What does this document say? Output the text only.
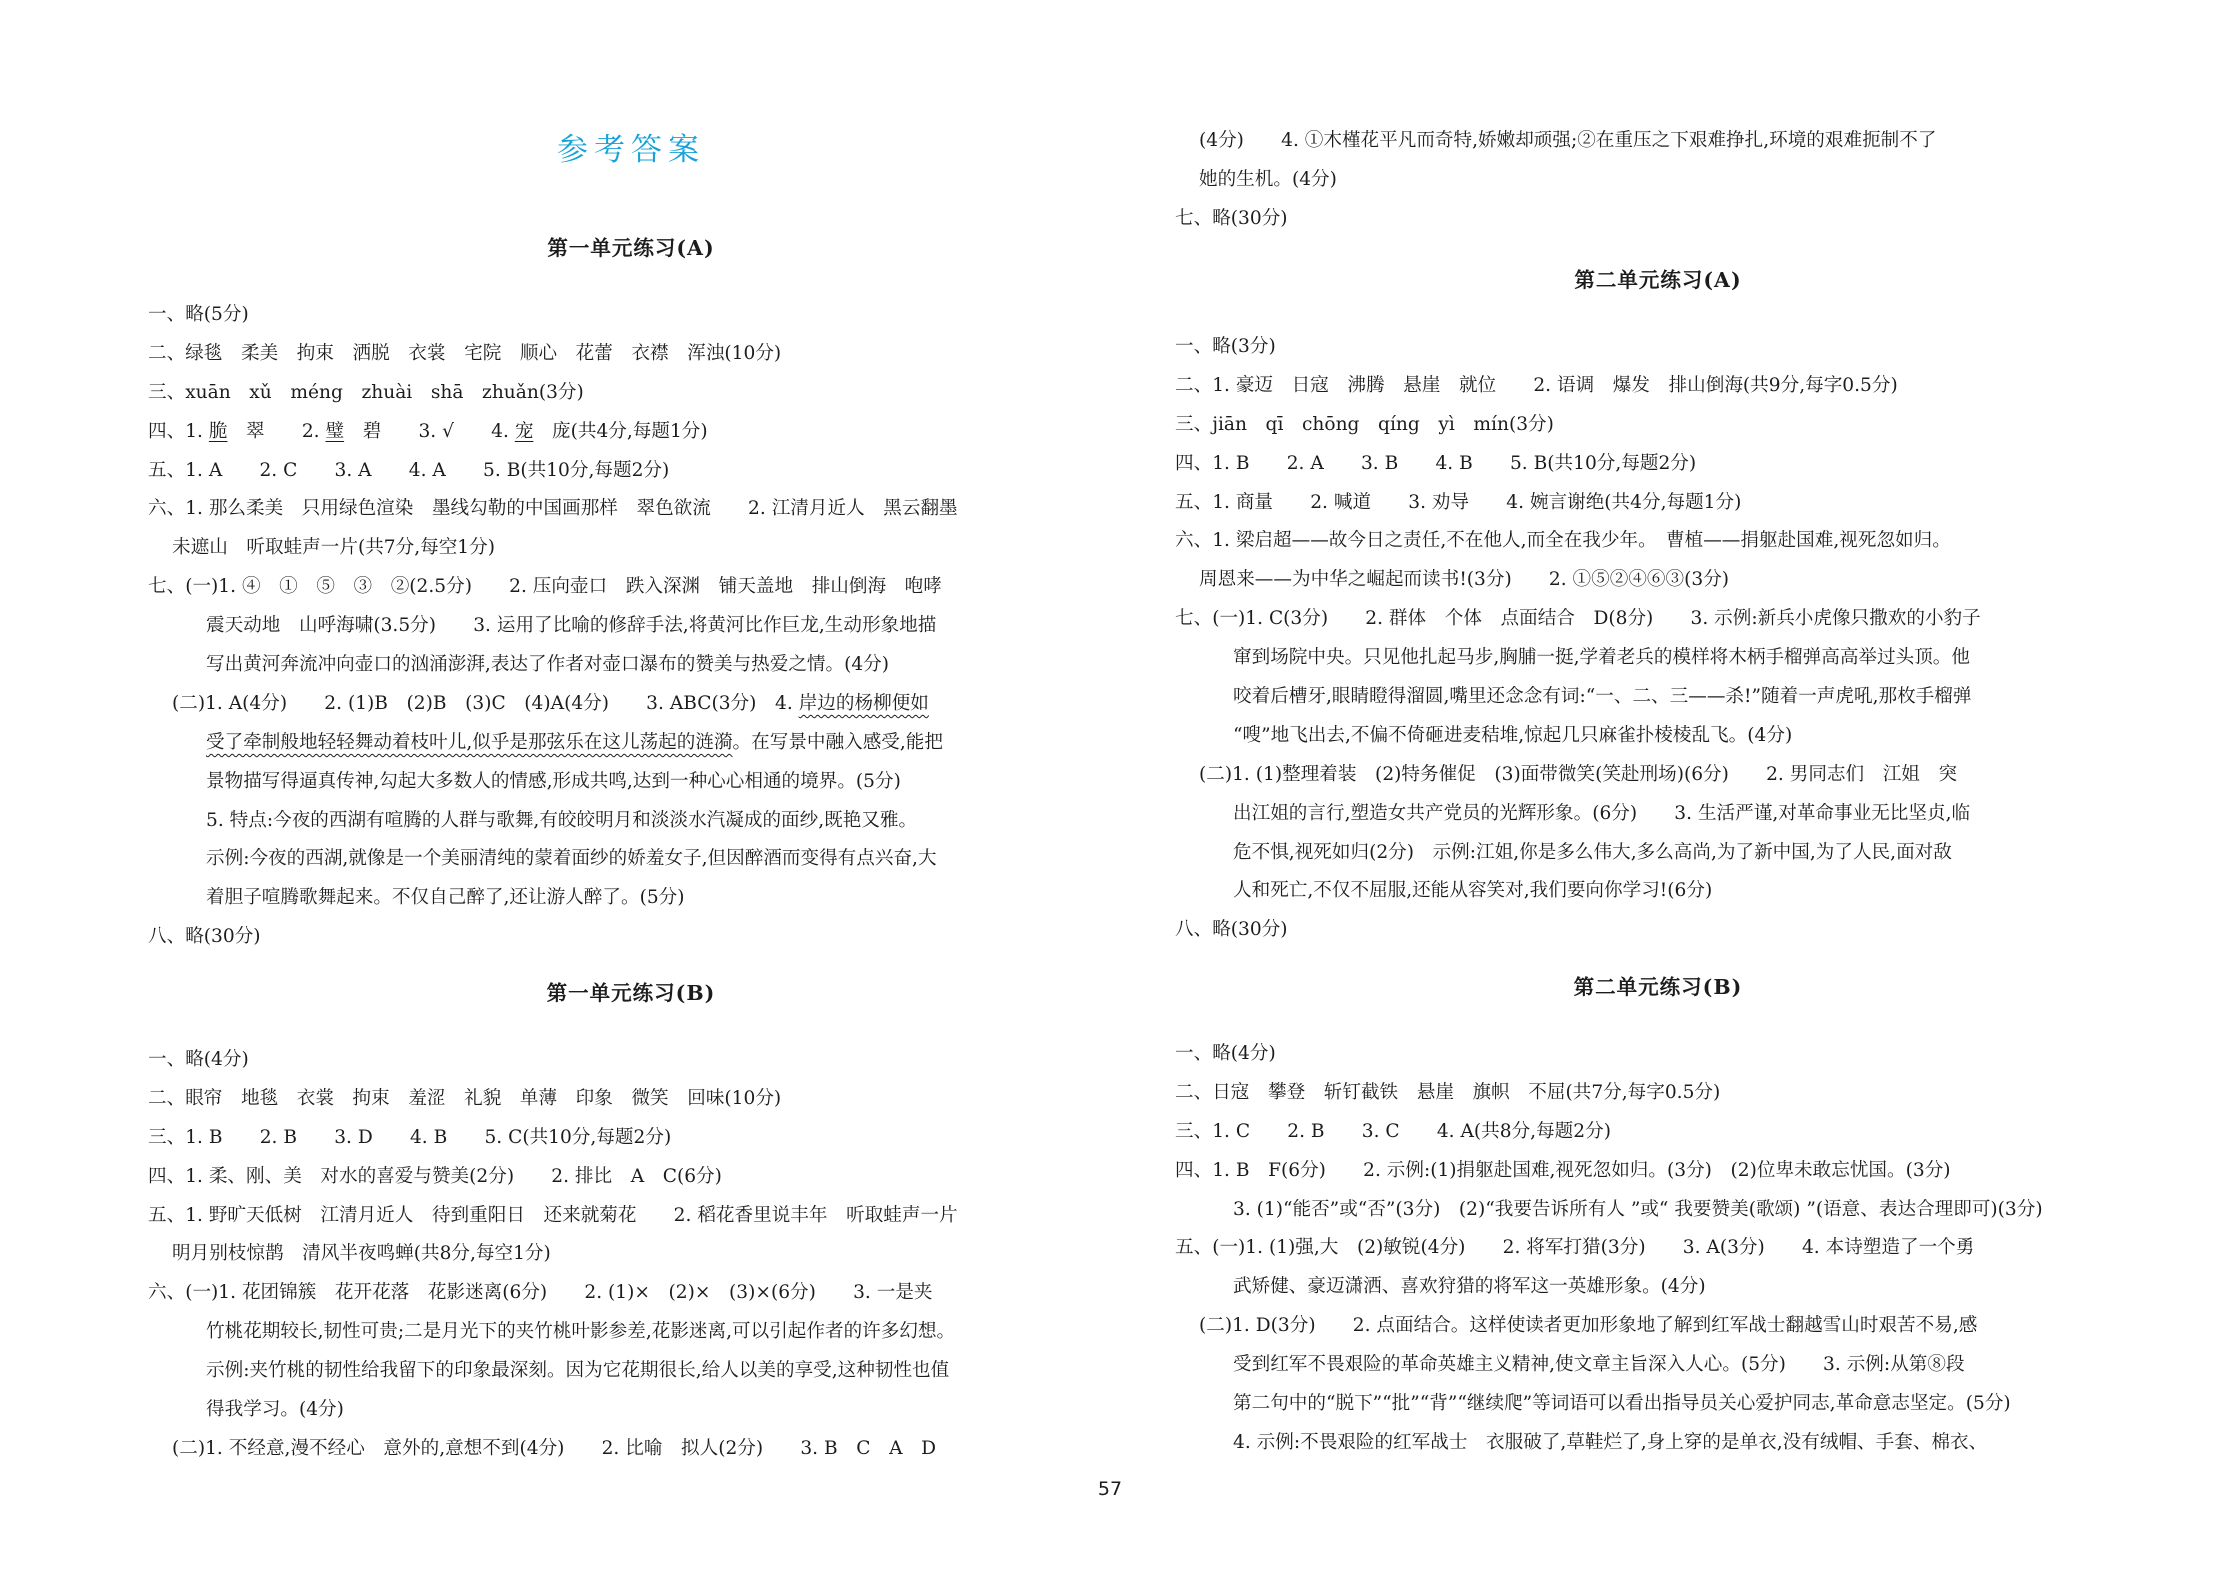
参考答案
第一单元练习(A)
一、略(5分)
二、绿毯　柔美　拘束　洒脱　衣裳　宅院　顺心　花蕾　衣襟　浑浊(10分)
三、xuān　xǔ　méng　zhuài　shā　zhuǎn(3分)
四、1. 脆　翠　　2. 璧　碧　　3. √　　4. 宠　庞(共4分,每题1分)
五、1. A　　2. C　　3. A　　4. A　　5. B(共10分,每题2分)
六、1. 那么柔美　只用绿色渲染　墨线勾勒的中国画那样　翠色欲流　　2. 江清月近人　黑云翻墨
未遮山　听取蛙声一片(共7分,每空1分)
七、(一)1. ④　①　⑤　③　②(2.5分)　　2. 压向壶口　跌入深渊　铺天盖地　排山倒海　咆哮
震天动地　山呼海啸(3.5分)　　3. 运用了比喻的修辞手法,将黄河比作巨龙,生动形象地描
写出黄河奔流冲向壶口的汹涌澎湃,表达了作者对壶口瀑布的赞美与热爱之情。(4分)
(二)1. A(4分)　　2. (1)B　(2)B　(3)C　(4)A(4分)　　3. ABC(3分)　4. 岸边的杨柳便如
受了牵制般地轻轻舞动着枝叶儿,似乎是那弦乐在这儿荡起的涟漪。在写景中融入感受,能把
景物描写得逼真传神,勾起大多数人的情感,形成共鸣,达到一种心心相通的境界。(5分)
5. 特点:今夜的西湖有喧腾的人群与歌舞,有皎皎明月和淡淡水汽凝成的面纱,既艳又雅。
示例:今夜的西湖,就像是一个美丽清纯的蒙着面纱的娇羞女子,但因醉酒而变得有点兴奋,大
着胆子喧腾歌舞起来。不仅自己醉了,还让游人醉了。(5分)
八、略(30分)
第一单元练习(B)
一、略(4分)
二、眼帘　地毯　衣裳　拘束　羞涩　礼貌　单薄　印象　微笑　回味(10分)
三、1. B　　2. B　　3. D　　4. B　　5. C(共10分,每题2分)
四、1. 柔、刚、美　对水的喜爱与赞美(2分)　　2. 排比　A　C(6分)
五、1. 野旷天低树　江清月近人　待到重阳日　还来就菊花　　2. 稻花香里说丰年　听取蛙声一片
明月别枝惊鹊　清风半夜鸣蝉(共8分,每空1分)
六、(一)1. 花团锦簇　花开花落　花影迷离(6分)　　2. (1)×　(2)×　(3)×(6分)　　3. 一是夹
竹桃花期较长,韧性可贵;二是月光下的夹竹桃叶影参差,花影迷离,可以引起作者的许多幻想。
示例:夹竹桃的韧性给我留下的印象最深刻。因为它花期很长,给人以美的享受,这种韧性也值
得我学习。(4分)
(二)1. 不经意,漫不经心　意外的,意想不到(4分)　　2. 比喻　拟人(2分)　　3. B　C　A　D
(4分)　　4. ①木槿花平凡而奇特,娇嫩却顽强;②在重压之下艰难挣扎,环境的艰难扼制不了
她的生机。(4分)
七、略(30分)
第二单元练习(A)
一、略(3分)
二、1. 豪迈　日寇　沸腾　悬崖　就位　　2. 语调　爆发　排山倒海(共9分,每字0.5分)
三、jiān　qī　chōng　qíng　yì　mín(3分)
四、1. B　　2. A　　3. B　　4. B　　5. B(共10分,每题2分)
五、1. 商量　　2. 喊道　　3. 劝导　　4. 婉言谢绝(共4分,每题1分)
六、1. 梁启超——故今日之责任,不在他人,而全在我少年。　曹植——捐躯赴国难,视死忽如归。
周恩来——为中华之崛起而读书!(3分)　　2. ①⑤②④⑥③(3分)
七、(一)1. C(3分)　　2. 群体　个体　点面结合　D(8分)　　3. 示例:新兵小虎像只撒欢的小豹子
窜到场院中央。只见他扎起马步,胸脯一挺,学着老兵的模样将木柄手榴弹高高举过头顶。他
咬着后槽牙,眼睛瞪得溜圆,嘴里还念念有词:“一、二、三——杀!”随着一声虎吼,那枚手榴弹
“嗖”地飞出去,不偏不倚砸进麦秸堆,惊起几只麻雀扑棱棱乱飞。(4分)
(二)1. (1)整理着装　(2)特务催促　(3)面带微笑(笑赴刑场)(6分)　　2. 男同志们　江姐　突
出江姐的言行,塑造女共产党员的光辉形象。(6分)　　3. 生活严谨,对革命事业无比坚贞,临
危不惧,视死如归(2分)　示例:江姐,你是多么伟大,多么高尚,为了新中国,为了人民,面对敌
人和死亡,不仅不屈服,还能从容笑对,我们要向你学习!(6分)
八、略(30分)
第二单元练习(B)
一、略(4分)
二、日寇　攀登　斩钉截铁　悬崖　旗帜　不屈(共7分,每字0.5分)
三、1. C　　2. B　　3. C　　4. A(共8分,每题2分)
四、1. B　F(6分)　　2. 示例:(1)捐躯赴国难,视死忽如归。(3分)　(2)位卑未敢忘忧国。(3分)
3. (1)“能否”或“否”(3分)　(2)“我要告诉所有人 ”或“ 我要赞美(歌颂) ”(语意、表达合理即可)(3分)
五、(一)1. (1)强,大　(2)敏锐(4分)　　2. 将军打猎(3分)　　3. A(3分)　　4. 本诗塑造了一个勇
武矫健、豪迈潇洒、喜欢狩猎的将军这一英雄形象。(4分)
(二)1. D(3分)　　2. 点面结合。这样使读者更加形象地了解到红军战士翻越雪山时艰苦不易,感
受到红军不畏艰险的革命英雄主义精神,使文章主旨深入人心。(5分)　　3. 示例:从第⑧段
第二句中的“脱下”“批”“背”“继续爬”等词语可以看出指导员关心爱护同志,革命意志坚定。(5分)
4. 示例:不畏艰险的红军战士　衣服破了,草鞋烂了,身上穿的是单衣,没有绒帽、手套、棉衣、
57
